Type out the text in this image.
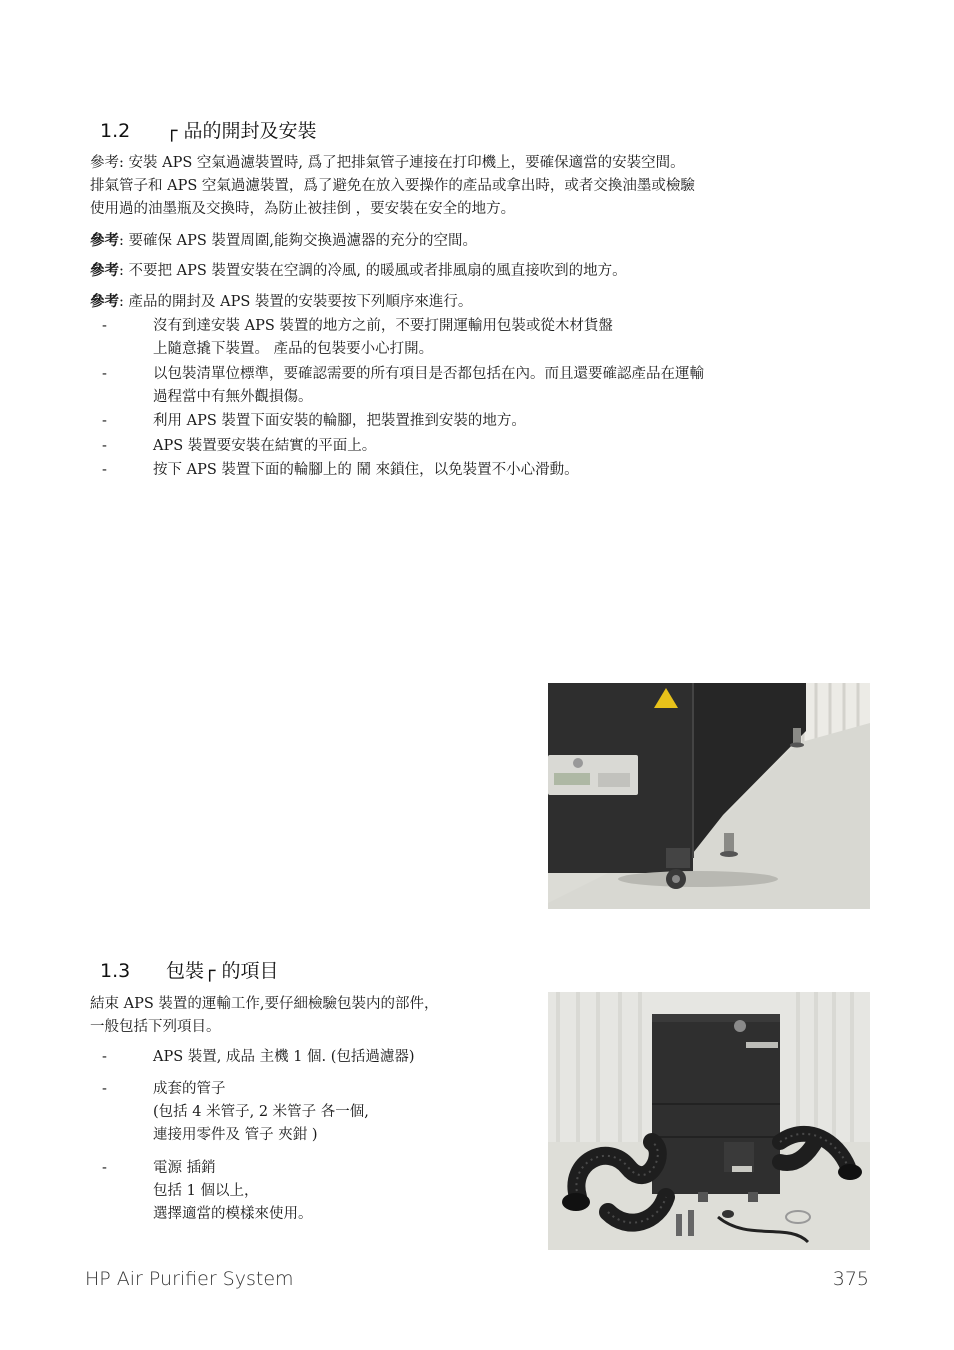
1.2 ┌ 品的開封及安裝
參考: 安裝 APS 空氣過濾裝置時, 爲了把排氣管子連接在打印機上，要確保適當的安裝空間。
排氣管子和 APS 空氣過濾裝置，爲了避免在放入要操作的產品或拿出時，或者交換油墨或檢驗
使用過的油墨瓶及交換時，為防止被挂倒 ，要安裝在安全的地方。
參考: 要確保 APS 裝置周圍,能夠交換過濾器的充分的空間。
參考: 不要把 APS 裝置安裝在空調的冷風, 的暖風或者排風扇的風直接吹到的地方。
參考: 產品的開封及 APS 裝置的安裝要按下列順序來進行。
-	沒有到達安裝 APS 裝置的地方之前，不要打開運輸用包裝或從木材貨盤
上隨意撬下裝置。 產品的包裝要小心打開。
-	以包裝清單位標準，要確認需要的所有項目是否都包括在內。而且還要確認產品在運輸
過程當中有無外觀損傷。
-	利用 APS 裝置下面安裝的輪腳，把裝置推到安裝的地方。
-	APS 裝置要安裝在結實的平面上。
-	按下 APS 裝置下面的輪腳上的 鬧 來鎖住，以免裝置不小心滑動。
1.3 包裝┌ 的項目
結束 APS 裝置的運輸工作,要仔細檢驗包裝内的部件，
一般包括下列項目。
-	APS 裝置, 成品 主機 1 個. (包括過濾器)
-	成套的管子
(包括 4 米管子, 2 米管子 各一個,
連接用零件及 管子 夾鉗 )
-	電源 插銷
包括 1 個以上，
選擇適當的模樣來使用。
HP Air Purifier System	375
